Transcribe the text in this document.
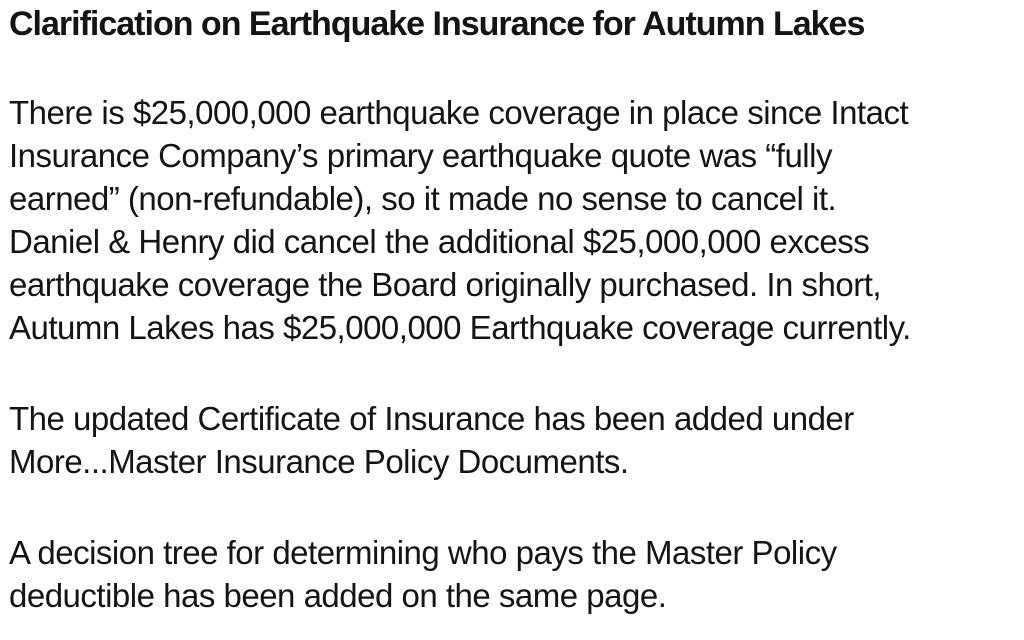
Clarification on Earthquake Insurance for Autumn Lakes
There is $25,000,000 earthquake coverage in place since Intact
Insurance Company’s primary earthquake quote was “fully
earned” (non-refundable), so it made no sense to cancel it.
Daniel & Henry did cancel the additional $25,000,000 excess
earthquake coverage the Board originally purchased. In short,
Autumn Lakes has $25,000,000 Earthquake coverage currently.
The updated Certificate of Insurance has been added under
More...Master Insurance Policy Documents.
A decision tree for determining who pays the Master Policy
deductible has been added on the same page.
